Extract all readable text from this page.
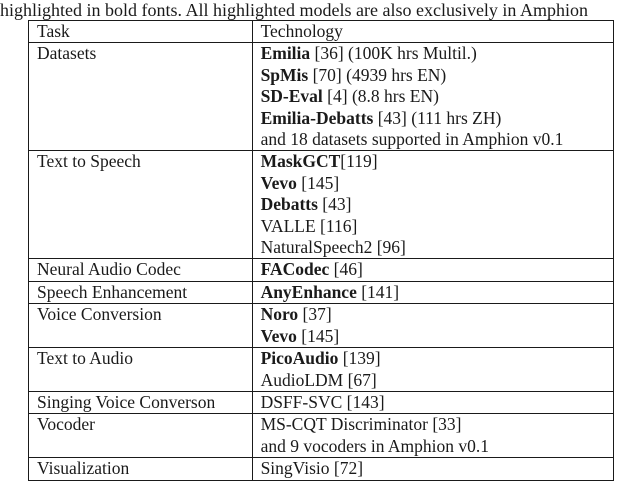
highlighted in bold fonts. All highlighted models are also exclusively in Amphion
Task	Technology
Datasets	Emilia [36] (100K hrs Multil.)
SpMis [70] (4939 hrs EN)
SD-Eval [4] (8.8 hrs EN)
Emilia-Debatts [43] (111 hrs ZH)
and 18 datasets supported in Amphion v0.1

Text to Speech	MaskGCT[119]
Vevo [145]
Debatts [43]
VALLE [116]
NaturalSpeech2 [96]

Neural Audio Codec	FACodec [46]

Speech Enhancement	AnyEnhance [141]

Voice Conversion	Noro [37]
Vevo [145]

Text to Audio	PicoAudio [139]
AudioLDM [67]

Singing Voice Converson	DSFF-SVC [143]

Vocoder	MS-CQT Discriminator [33]
and 9 vocoders in Amphion v0.1

Visualization	SingVisio [72]
